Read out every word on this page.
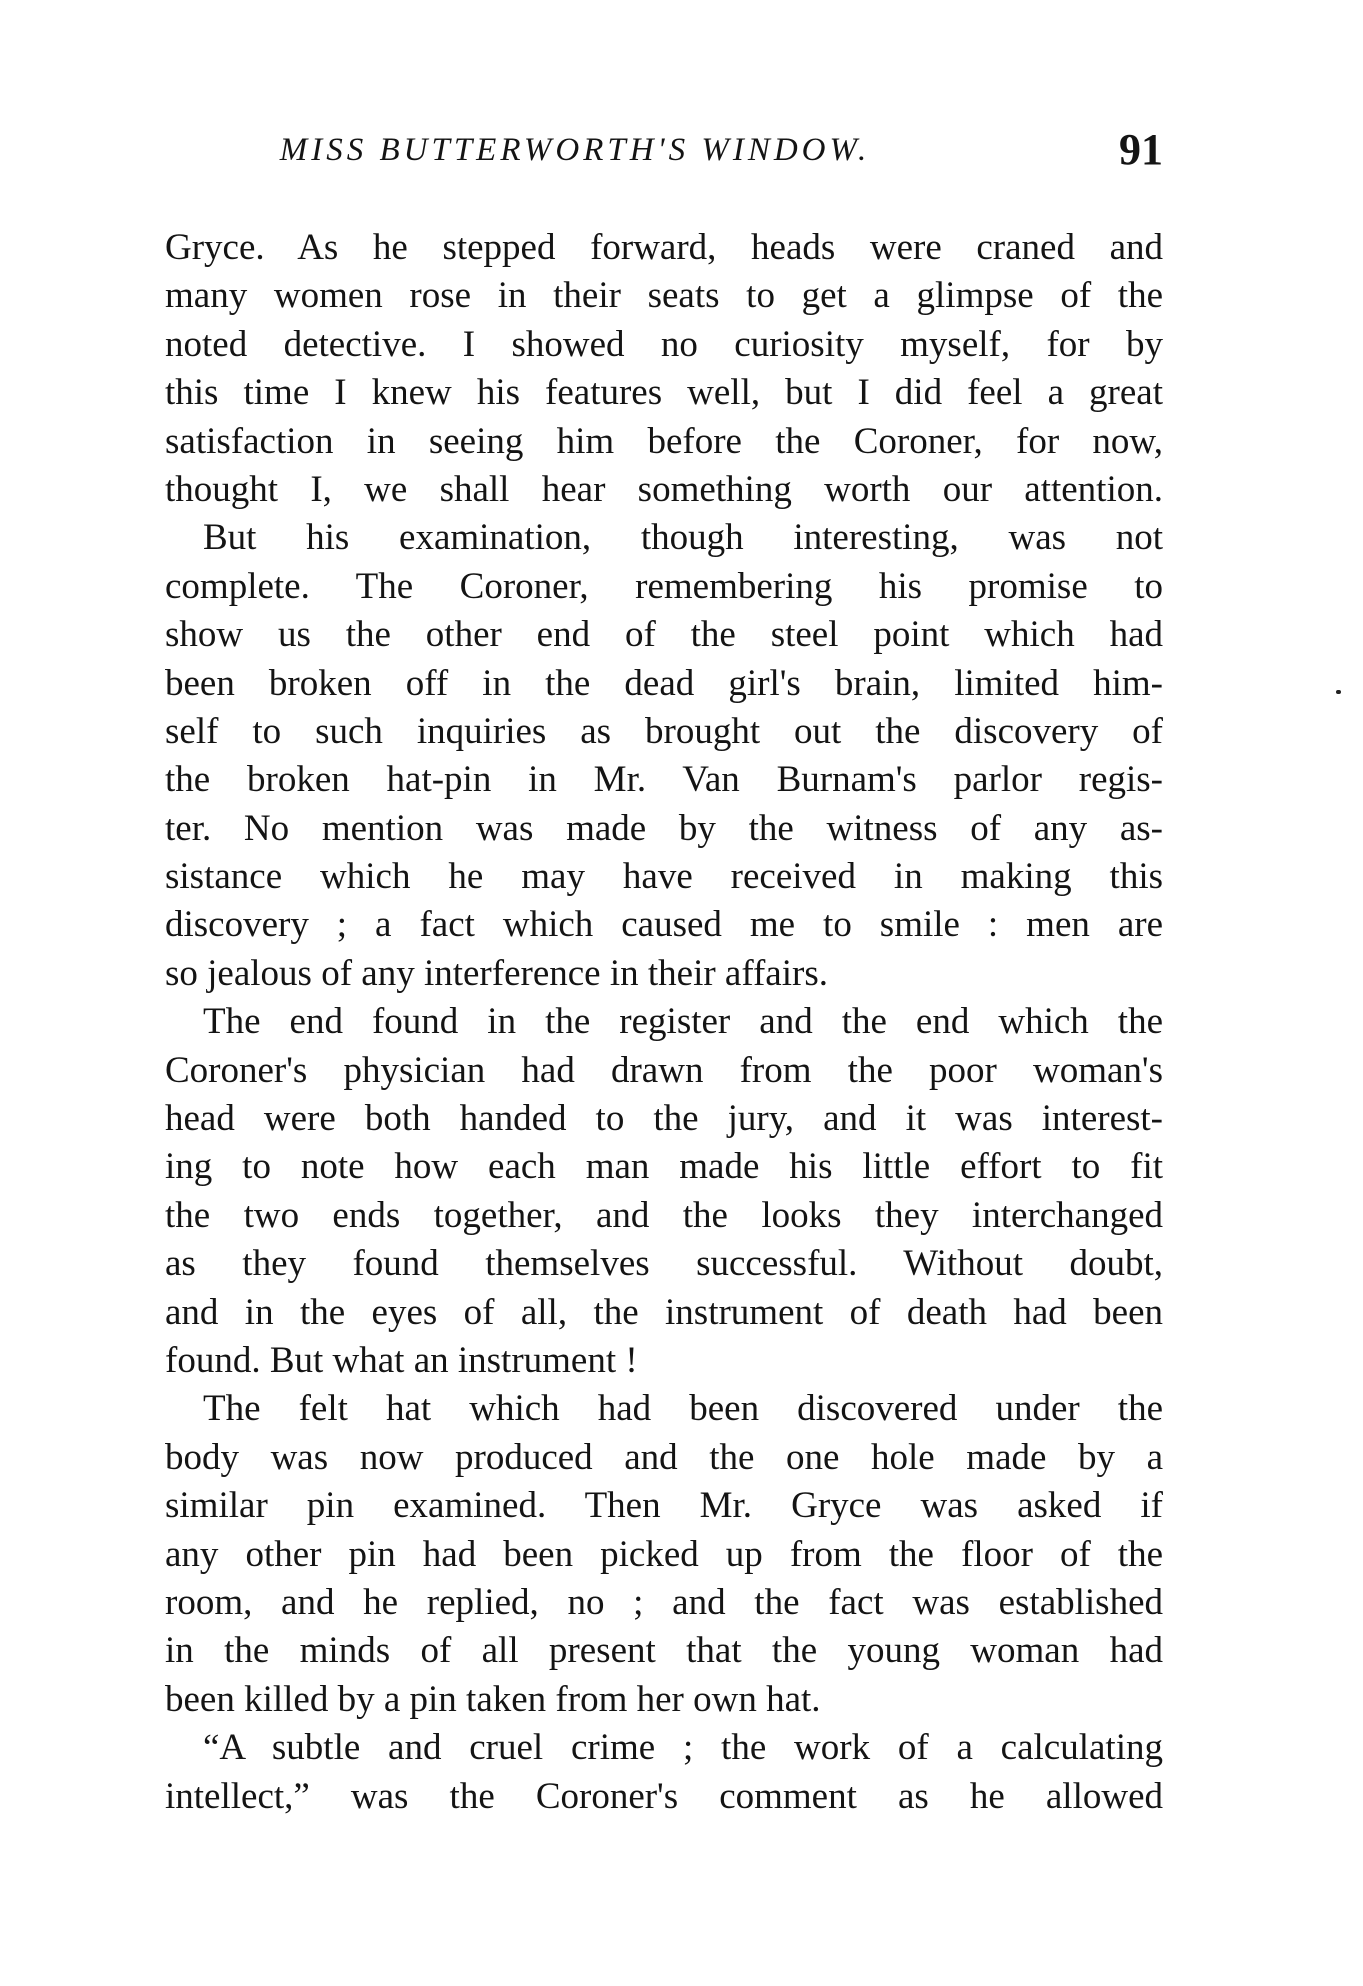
MISS BUTTERWORTH'S WINDOW.	91
Gryce. As he stepped forward, heads were craned and
many women rose in their seats to get a glimpse of the
noted detective. I showed no curiosity myself, for by
this time I knew his features well, but I did feel a great
satisfaction in seeing him before the Coroner, for now,
thought I, we shall hear something worth our attention.
But his examination, though interesting, was not
complete. The Coroner, remembering his promise to
show us the other end of the steel point which had
been broken off in the dead girl's brain, limited him-
self to such inquiries as brought out the discovery of
the broken hat-pin in Mr. Van Burnam's parlor regis-
ter. No mention was made by the witness of any as-
sistance which he may have received in making this
discovery ; a fact which caused me to smile : men are
so jealous of any interference in their affairs.
The end found in the register and the end which the
Coroner's physician had drawn from the poor woman's
head were both handed to the jury, and it was interest-
ing to note how each man made his little effort to fit
the two ends together, and the looks they interchanged
as they found themselves successful. Without doubt,
and in the eyes of all, the instrument of death had been
found. But what an instrument !
The felt hat which had been discovered under the
body was now produced and the one hole made by a
similar pin examined. Then Mr. Gryce was asked if
any other pin had been picked up from the floor of the
room, and he replied, no ; and the fact was established
in the minds of all present that the young woman had
been killed by a pin taken from her own hat.
“A subtle and cruel crime ; the work of a calculating
intellect,” was the Coroner's comment as he allowed
